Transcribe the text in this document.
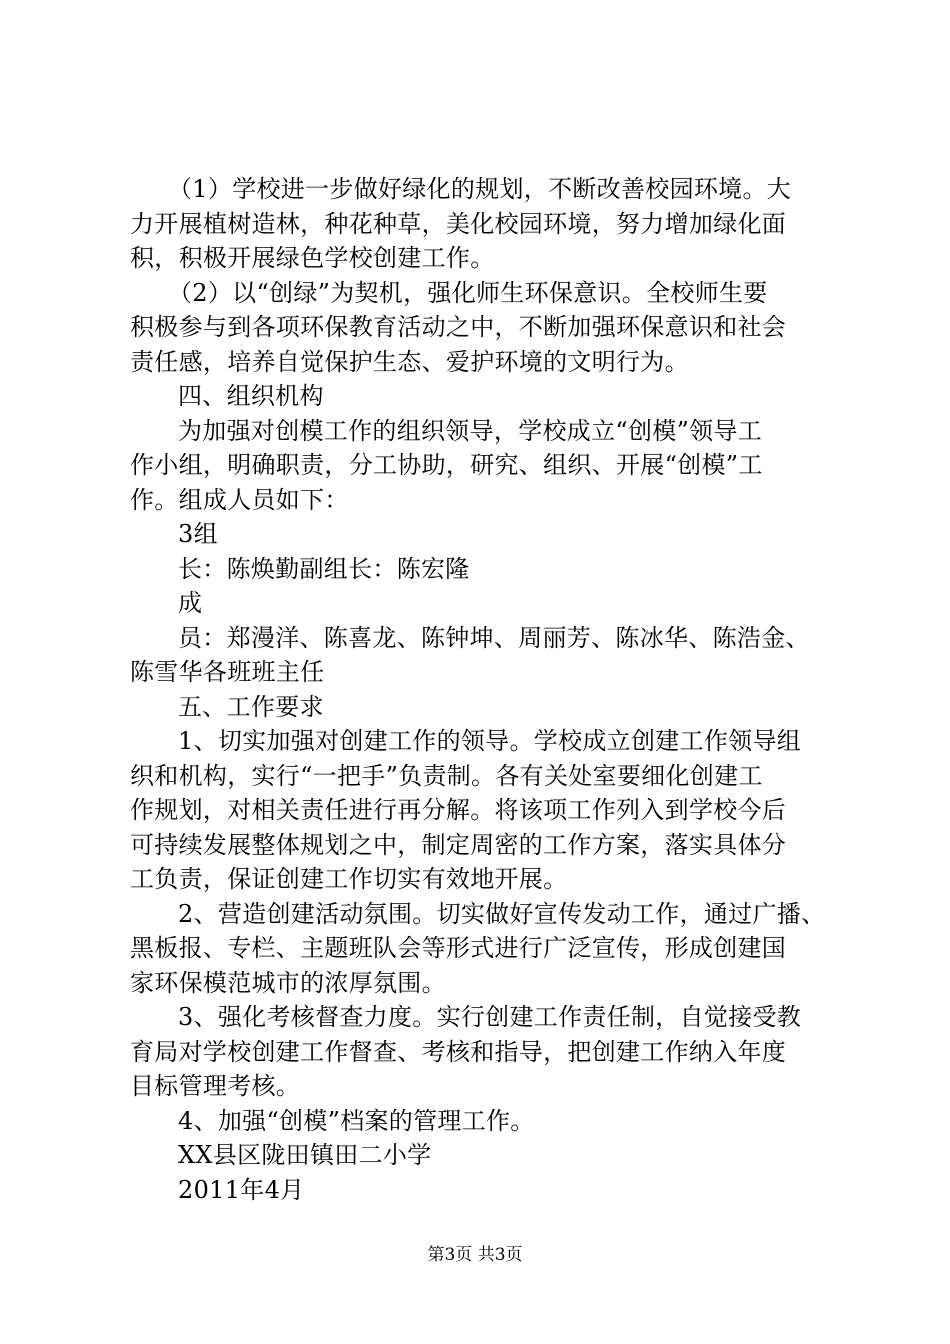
（1）学校进一步做好绿化的规划，不断改善校园环境。大
力开展植树造林，种花种草，美化校园环境，努力增加绿化面
积，积极开展绿色学校创建工作。
（2）以“创绿”为契机，强化师生环保意识。全校师生要
积极参与到各项环保教育活动之中，不断加强环保意识和社会
责任感，培养自觉保护生态、爱护环境的文明行为。
四、组织机构
为加强对创模工作的组织领导，学校成立“创模”领导工
作小组，明确职责，分工协助，研究、组织、开展“创模”工
作。组成人员如下：
3组
长：陈焕勤副组长：陈宏隆
成
员：郑漫洋、陈喜龙、陈钟坤、周丽芳、陈冰华、陈浩金、
陈雪华各班班主任
五、工作要求
1、切实加强对创建工作的领导。学校成立创建工作领导组
织和机构，实行“一把手”负责制。各有关处室要细化创建工
作规划，对相关责任进行再分解。将该项工作列入到学校今后
可持续发展整体规划之中，制定周密的工作方案，落实具体分
工负责，保证创建工作切实有效地开展。
2、营造创建活动氛围。切实做好宣传发动工作，通过广播、
黑板报、专栏、主题班队会等形式进行广泛宣传，形成创建国
家环保模范城市的浓厚氛围。
3、强化考核督查力度。实行创建工作责任制，自觉接受教
育局对学校创建工作督查、考核和指导，把创建工作纳入年度
目标管理考核。
4、加强“创模”档案的管理工作。
XX县区陇田镇田二小学
2011年4月
第3页 共3页
